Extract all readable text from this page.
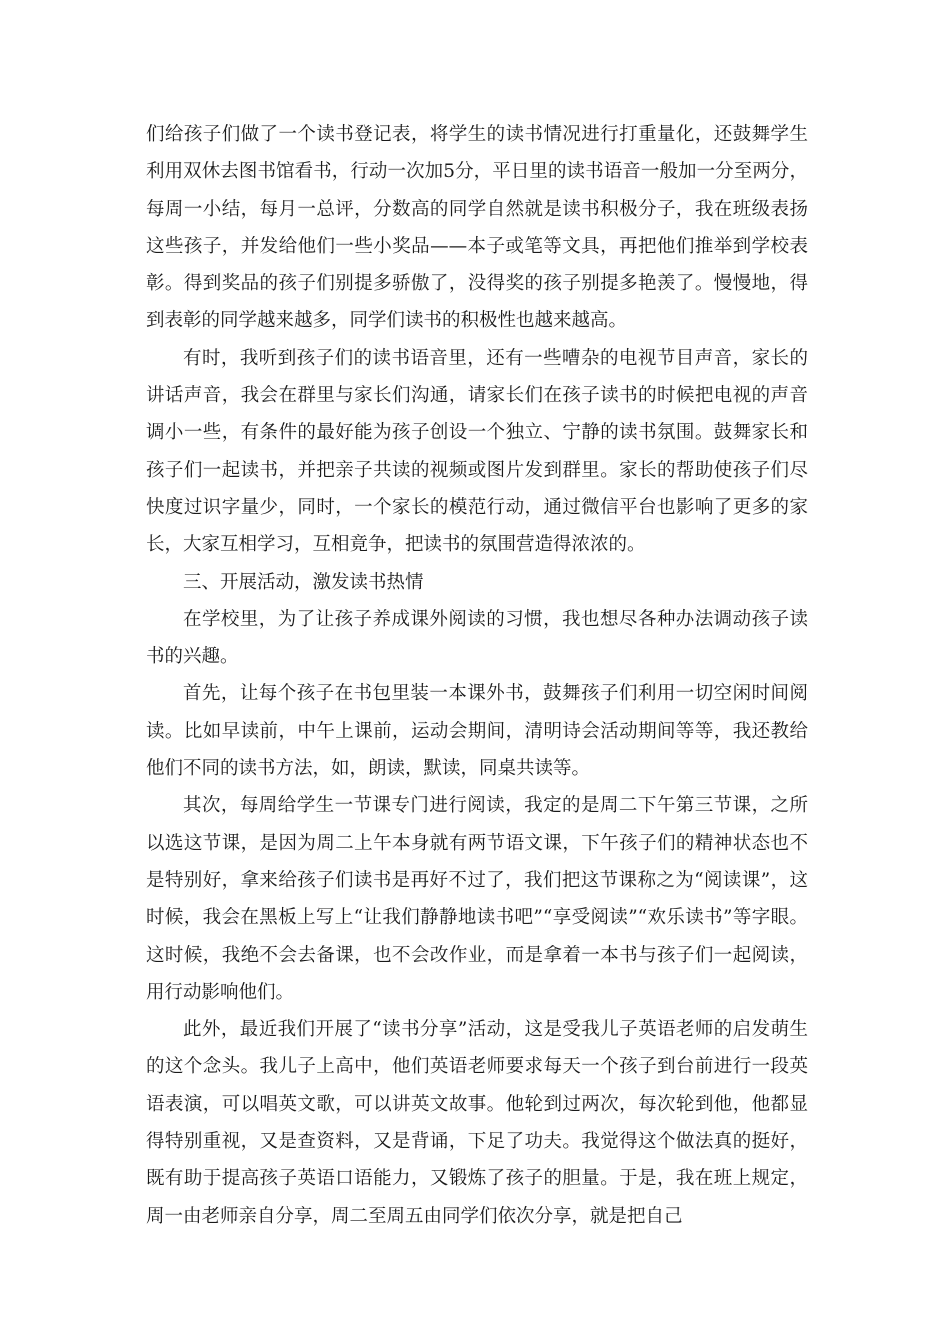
们给孩子们做了一个读书登记表，将学生的读书情况进行打重量化，还鼓舞学生利用双休去图书馆看书，行动一次加5分，平日里的读书语音一般加一分至两分，每周一小结，每月一总评，分数高的同学自然就是读书积极分子，我在班级表扬这些孩子，并发给他们一些小奖品——本子或笔等文具，再把他们推举到学校表彰。得到奖品的孩子们别提多骄傲了，没得奖的孩子别提多艳羡了。慢慢地，得到表彰的同学越来越多，同学们读书的积极性也越来越高。

有时，我听到孩子们的读书语音里，还有一些嘈杂的电视节目声音，家长的讲话声音，我会在群里与家长们沟通，请家长们在孩子读书的时候把电视的声音调小一些，有条件的最好能为孩子创设一个独立、宁静的读书氛围。鼓舞家长和孩子们一起读书，并把亲子共读的视频或图片发到群里。家长的帮助使孩子们尽快度过识字量少，同时，一个家长的模范行动，通过微信平台也影响了更多的家长，大家互相学习，互相竟争，把读书的氛围营造得浓浓的。

三、开展活动，激发读书热情

在学校里，为了让孩子养成课外阅读的习惯，我也想尽各种办法调动孩子读书的兴趣。

首先，让每个孩子在书包里装一本课外书，鼓舞孩子们利用一切空闲时间阅读。比如早读前，中午上课前，运动会期间，清明诗会活动期间等等，我还教给他们不同的读书方法，如，朗读，默读，同桌共读等。

其次，每周给学生一节课专门进行阅读，我定的是周二下午第三节课，之所以选这节课，是因为周二上午本身就有两节语文课，下午孩子们的精神状态也不是特别好，拿来给孩子们读书是再好不过了，我们把这节课称之为“阅读课”，这时候，我会在黑板上写上“让我们静静地读书吧”“享受阅读”“欢乐读书”等字眼。这时候，我绝不会去备课，也不会改作业，而是拿着一本书与孩子们一起阅读，用行动影响他们。

此外，最近我们开展了“读书分享”活动，这是受我儿子英语老师的启发萌生的这个念头。我儿子上高中，他们英语老师要求每天一个孩子到台前进行一段英语表演，可以唱英文歌，可以讲英文故事。他轮到过两次，每次轮到他，他都显得特别重视，又是查资料，又是背诵，下足了功夫。我觉得这个做法真的挺好，既有助于提高孩子英语口语能力，又锻炼了孩子的胆量。于是，我在班上规定，周一由老师亲自分享，周二至周五由同学们依次分享，就是把自己
